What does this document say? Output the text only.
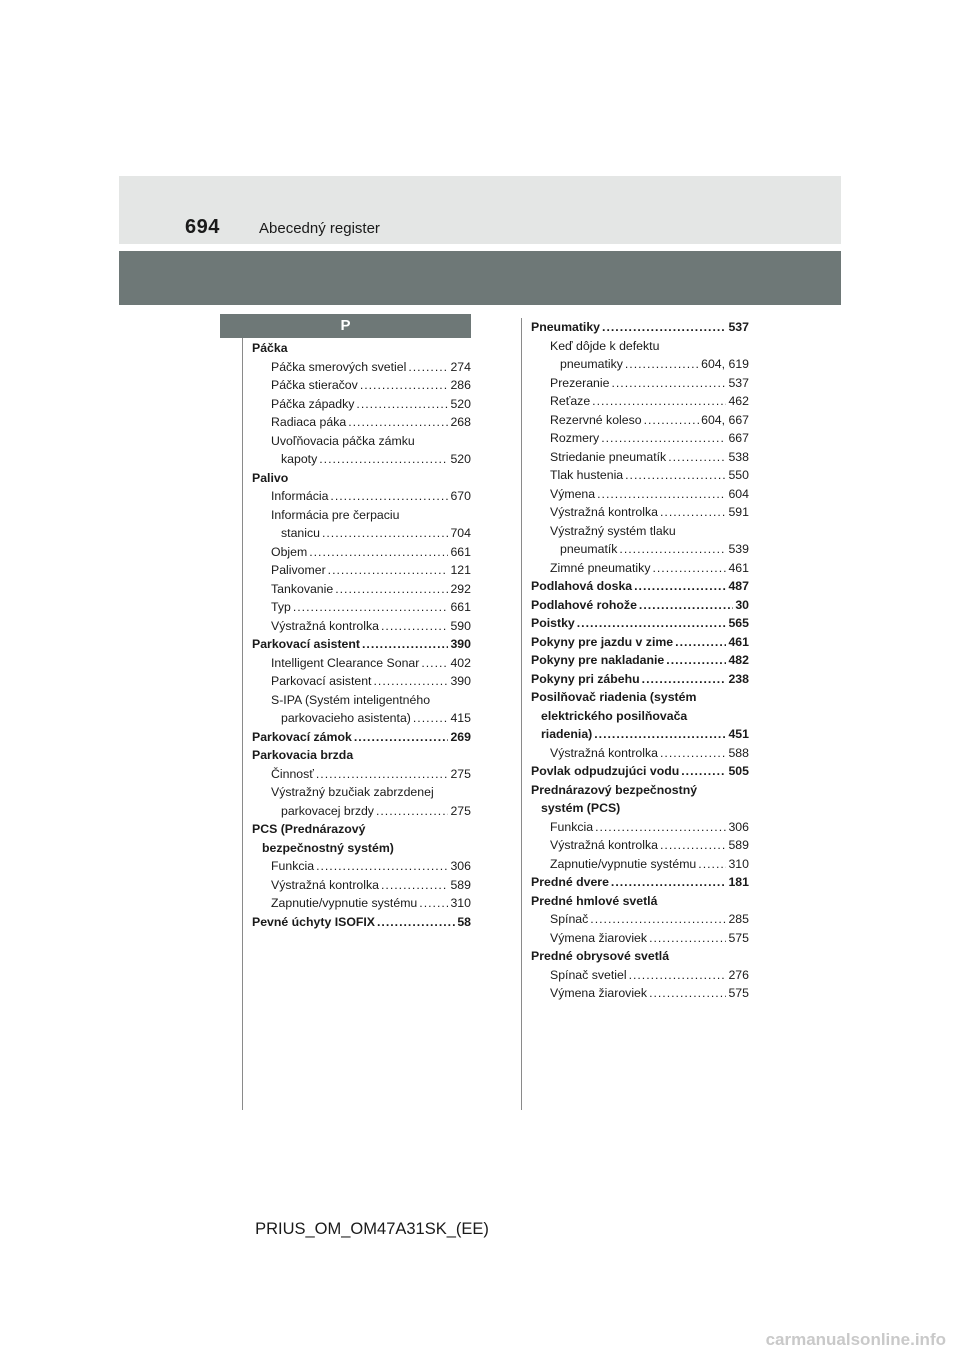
694	Abecedný register
P
Páčka
Páčka smerových svetiel .....	274
Páčka stieračov .....	286
Páčka západky .....	520
Radiaca páka .....	268
Uvoľňovacia páčka zámku
kapoty .....	520
Palivo
Informácia .....	670
Informácia pre čerpaciu
stanicu .....	704
Objem .....	661
Palivomer .....	121
Tankovanie .....	292
Typ .....	661
Výstražná kontrolka .....	590
Parkovací asistent .....	390
Intelligent Clearance Sonar .....	402
Parkovací asistent .....	390
S-IPA (Systém inteligentného
parkovacieho asistenta) .....	415
Parkovací zámok .....	269
Parkovacia brzda
Činnosť .....	275
Výstražný bzučiak zabrzdenej
parkovacej brzdy .....	275
PCS (Prednárazový
bezpečnostný systém)
Funkcia .....	306
Výstražná kontrolka .....	589
Zapnutie/vypnutie systému .....	310
Pevné úchyty ISOFIX .....	58
Pneumatiky .....	537
Keď dôjde k defektu
pneumatiky .....	604, 619
Prezeranie .....	537
Reťaze .....	462
Rezervné koleso .....	604, 667
Rozmery .....	667
Striedanie pneumatík .....	538
Tlak hustenia .....	550
Výmena .....	604
Výstražná kontrolka .....	591
Výstražný systém tlaku
pneumatík .....	539
Zimné pneumatiky .....	461
Podlahová doska .....	487
Podlahové rohože .....	30
Poistky .....	565
Pokyny pre jazdu v zime .....	461
Pokyny pre nakladanie .....	482
Pokyny pri zábehu .....	238
Posilňovač riadenia (systém
elektrického posilňovača
riadenia) .....	451
Výstražná kontrolka .....	588
Povlak odpudzujúci vodu .....	505
Prednárazový bezpečnostný
systém (PCS)
Funkcia .....	306
Výstražná kontrolka .....	589
Zapnutie/vypnutie systému .....	310
Predné dvere .....	181
Predné hmlové svetlá
Spínač .....	285
Výmena žiaroviek .....	575
Predné obrysové svetlá
Spínač svetiel .....	276
Výmena žiaroviek .....	575
PRIUS_OM_OM47A31SK_(EE)
carmanualsonline.info
